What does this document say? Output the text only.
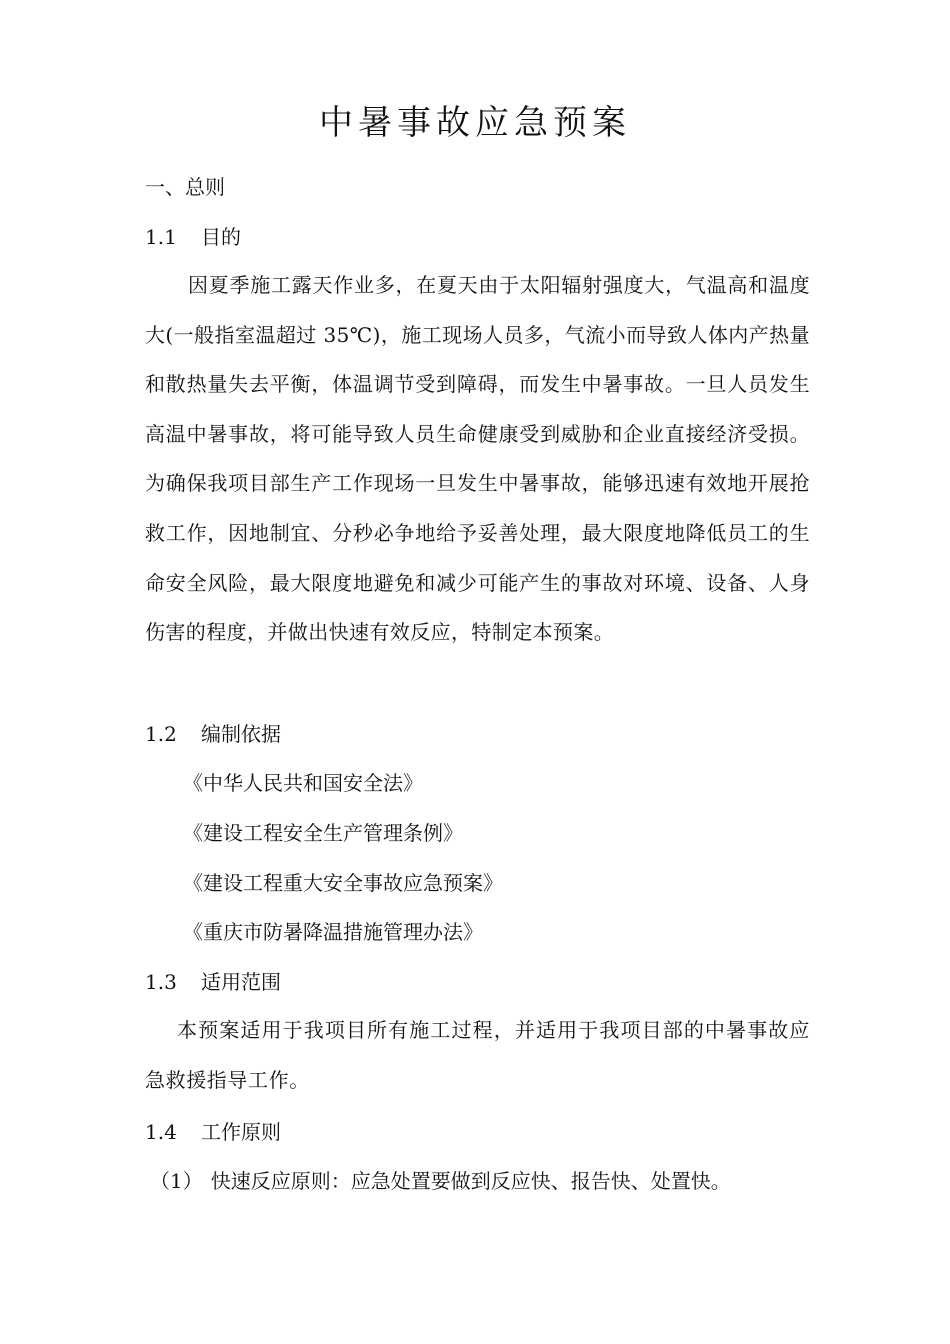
中暑事故应急预案
一、总则
1.1 目的
因夏季施工露天作业多，在夏天由于太阳辐射强度大，气温高和温度大(一般指室温超过 35℃)，施工现场人员多，气流小而导致人体内产热量和散热量失去平衡，体温调节受到障碍，而发生中暑事故。一旦人员发生高温中暑事故，将可能导致人员生命健康受到威胁和企业直接经济受损。为确保我项目部生产工作现场一旦发生中暑事故，能够迅速有效地开展抢救工作，因地制宜、分秒必争地给予妥善处理，最大限度地降低员工的生命安全风险，最大限度地避免和减少可能产生的事故对环境、设备、人身伤害的程度，并做出快速有效反应，特制定本预案。
1.2 编制依据
《中华人民共和国安全法》
《建设工程安全生产管理条例》
《建设工程重大安全事故应急预案》
《重庆市防暑降温措施管理办法》
1.3 适用范围
本预案适用于我项目所有施工过程，并适用于我项目部的中暑事故应急救援指导工作。
1.4 工作原则
（1） 快速反应原则：应急处置要做到反应快、报告快、处置快。
